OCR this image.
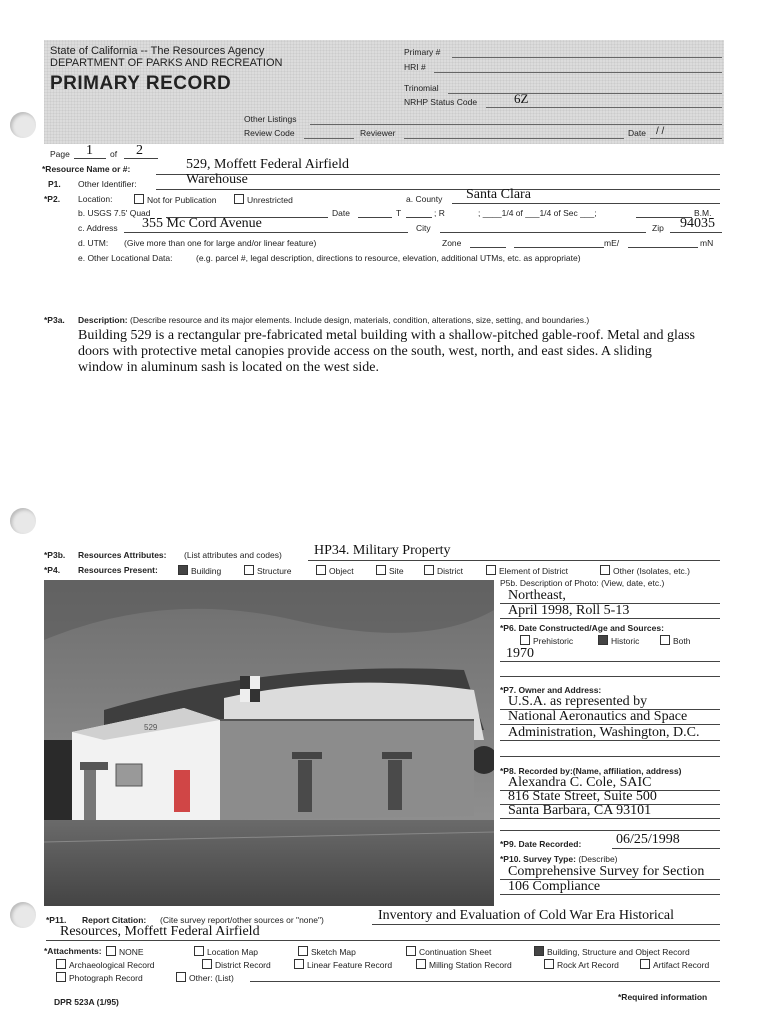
State of California -- The Resources Agency
DEPARTMENT OF PARKS AND RECREATION
PRIMARY RECORD
Primary #
HRI #
Trinomial
NRHP Status Code	6Z
Other Listings
Review Code	Reviewer	Date / /
Page 1 of 2
*Resource Name or #:	529, Moffett Federal Airfield
P1. Other Identifier:	Warehouse
*P2. Location:	Not for Publication	Unrestricted	a. County Santa Clara
b. USGS 7.5' Quad	Date	T	; R	; ____1/4 of ___1/4 of Sec ___;	B.M.
c. Address 355 Mc Cord Avenue	City	Zip 94035
d. UTM: (Give more than one for large and/or linear feature)	Zone	mE/	mN
e. Other Locational Data:	(e.g. parcel #, legal description, directions to resource, elevation, additional UTMs, etc. as appropriate)
*P3a. Description: (Describe resource and its major elements. Include design, materials, condition, alterations, size, setting, and boundaries.)
Building 529 is a rectangular pre-fabricated metal building with a shallow-pitched gable-roof. Metal and glass
doors with protective metal canopies provide access on the south, west, north, and east sides. A sliding
window in aluminum sash is located on the west side.
*P3b. Resources Attributes: (List attributes and codes) HP34. Military Property
*P4. Resources Present:	Building	Structure	Object	Site	District	Element of District	Other (Isolates, etc.)
529
P5b. Description of Photo: (View, date, etc.)
Northeast,
April 1998, Roll 5-13
*P6. Date Constructed/Age and Sources:
Prehistoric	Historic	Both
1970
*P7. Owner and Address:
U.S.A. as represented by
National Aeronautics and Space
Administration, Washington, D.C.
*P8. Recorded by:(Name, affiliation, address)
Alexandra C. Cole, SAIC
816 State Street, Suite 500
Santa Barbara, CA 93101
*P9. Date Recorded: 06/25/1998
*P10. Survey Type: (Describe)
Comprehensive Survey for Section
106 Compliance
*P11. Report Citation: (Cite survey report/other sources or "none")	Inventory and Evaluation of Cold War Era Historical
Resources, Moffett Federal Airfield
*Attachments:	NONE	Location Map	Sketch Map	Continuation Sheet	Building, Structure and Object Record
Archaeological Record	District Record	Linear Feature Record	Milling Station Record	Rock Art Record	Artifact Record
Photograph Record	Other: (List)
DPR 523A (1/95)	*Required information
